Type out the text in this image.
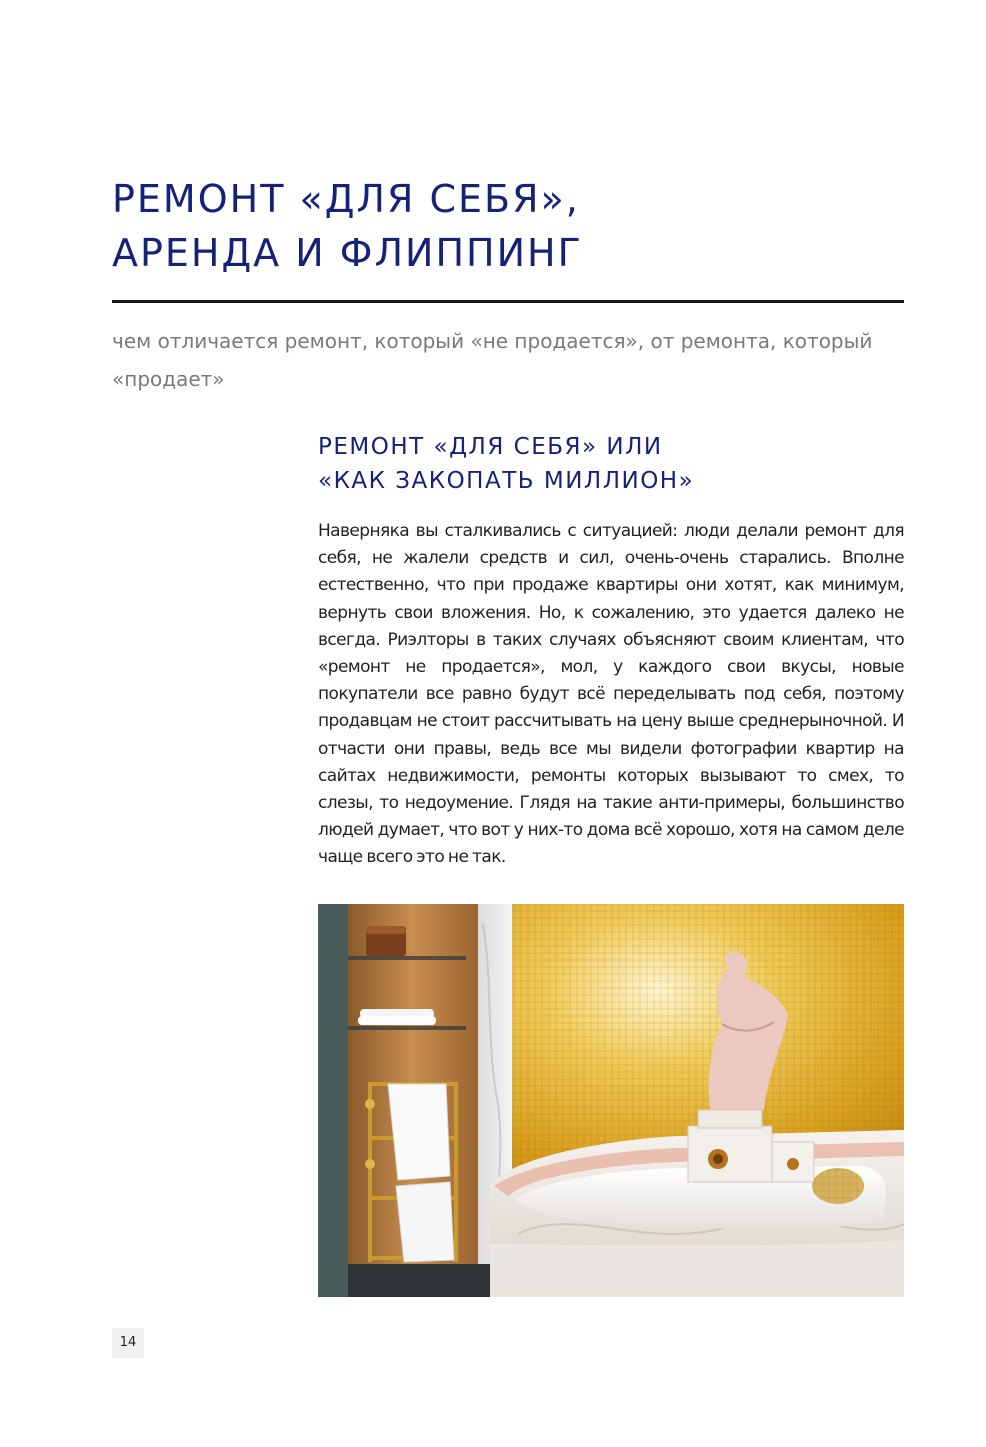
РЕМОНТ «ДЛЯ СЕБЯ»,
АРЕНДА И ФЛИППИНГ

чем отличается ремонт, который «не продается», от ремонта, который «продает»

РЕМОНТ «ДЛЯ СЕБЯ» ИЛИ
«КАК ЗАКОПАТЬ МИЛЛИОН»

Наверняка вы сталкивались с ситуацией: люди делали ремонт для себя, не жалели средств и сил, очень-очень старались. Вполне естественно, что при продаже квартиры они хотят, как минимум, вернуть свои вложения. Но, к сожалению, это удается далеко не всегда. Риэлторы в таких случаях объясняют своим клиентам, что «ремонт не продается», мол, у каждого свои вкусы, новые покупатели все равно будут всё переделывать под себя, поэтому продавцам не стоит рассчитывать на цену выше среднерыночной. И отчасти они правы, ведь все мы видели фотографии квартир на сайтах недвижимости, ремонты которых вызывают то смех, то слезы, то недоумение. Глядя на такие анти-примеры, большинство людей думает, что вот у них-то дома всё хорошо, хотя на самом деле чаще всего это не так.

14
